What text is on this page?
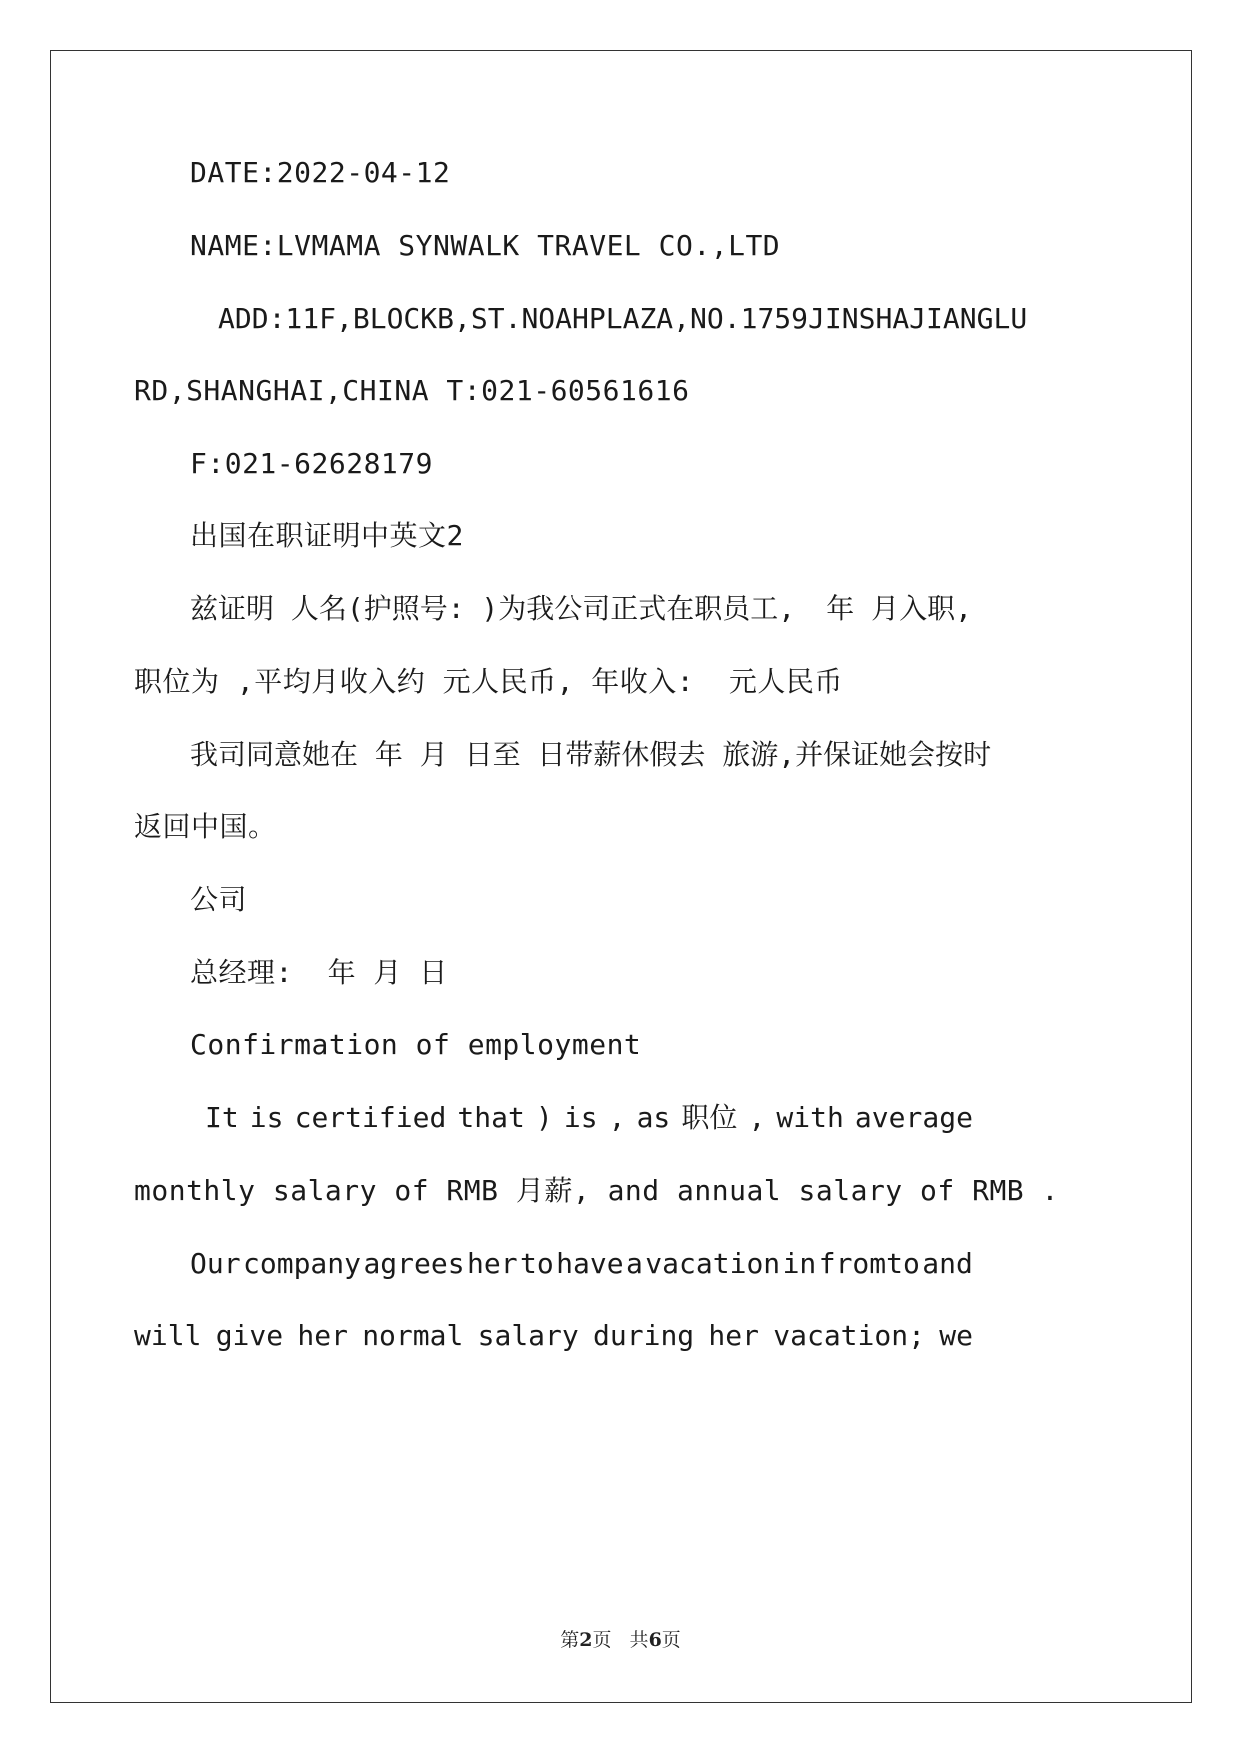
DATE:2022-04-12
NAME:LVMAMA SYNWALK TRAVEL CO.,LTD
ADD:11F,BLOCK B,ST.NOAH PLAZA,NO.1759 JINSHAJIANGLU
RD,SHANGHAI,CHINA T:021-60561616
F:021-62628179
出国在职证明中英文2
兹证明 人名(护照号: )为我公司正式在职员工, 年 月入职,
职位为 ,平均月收入约 元人民币, 年收入:  元人民币
我司同意她在 年 月 日至 日带薪休假去 旅游,并保证她会按时
返回中国。
公司
总经理:  年 月 日
Confirmation of employment
It is certified that ) is , as 职位 , with average
monthly salary of RMB 月薪, and annual salary of RMB .
Our company agrees her to have a vacation in fromto and
will give her normal salary during her vacation; we
第2页   共6页
